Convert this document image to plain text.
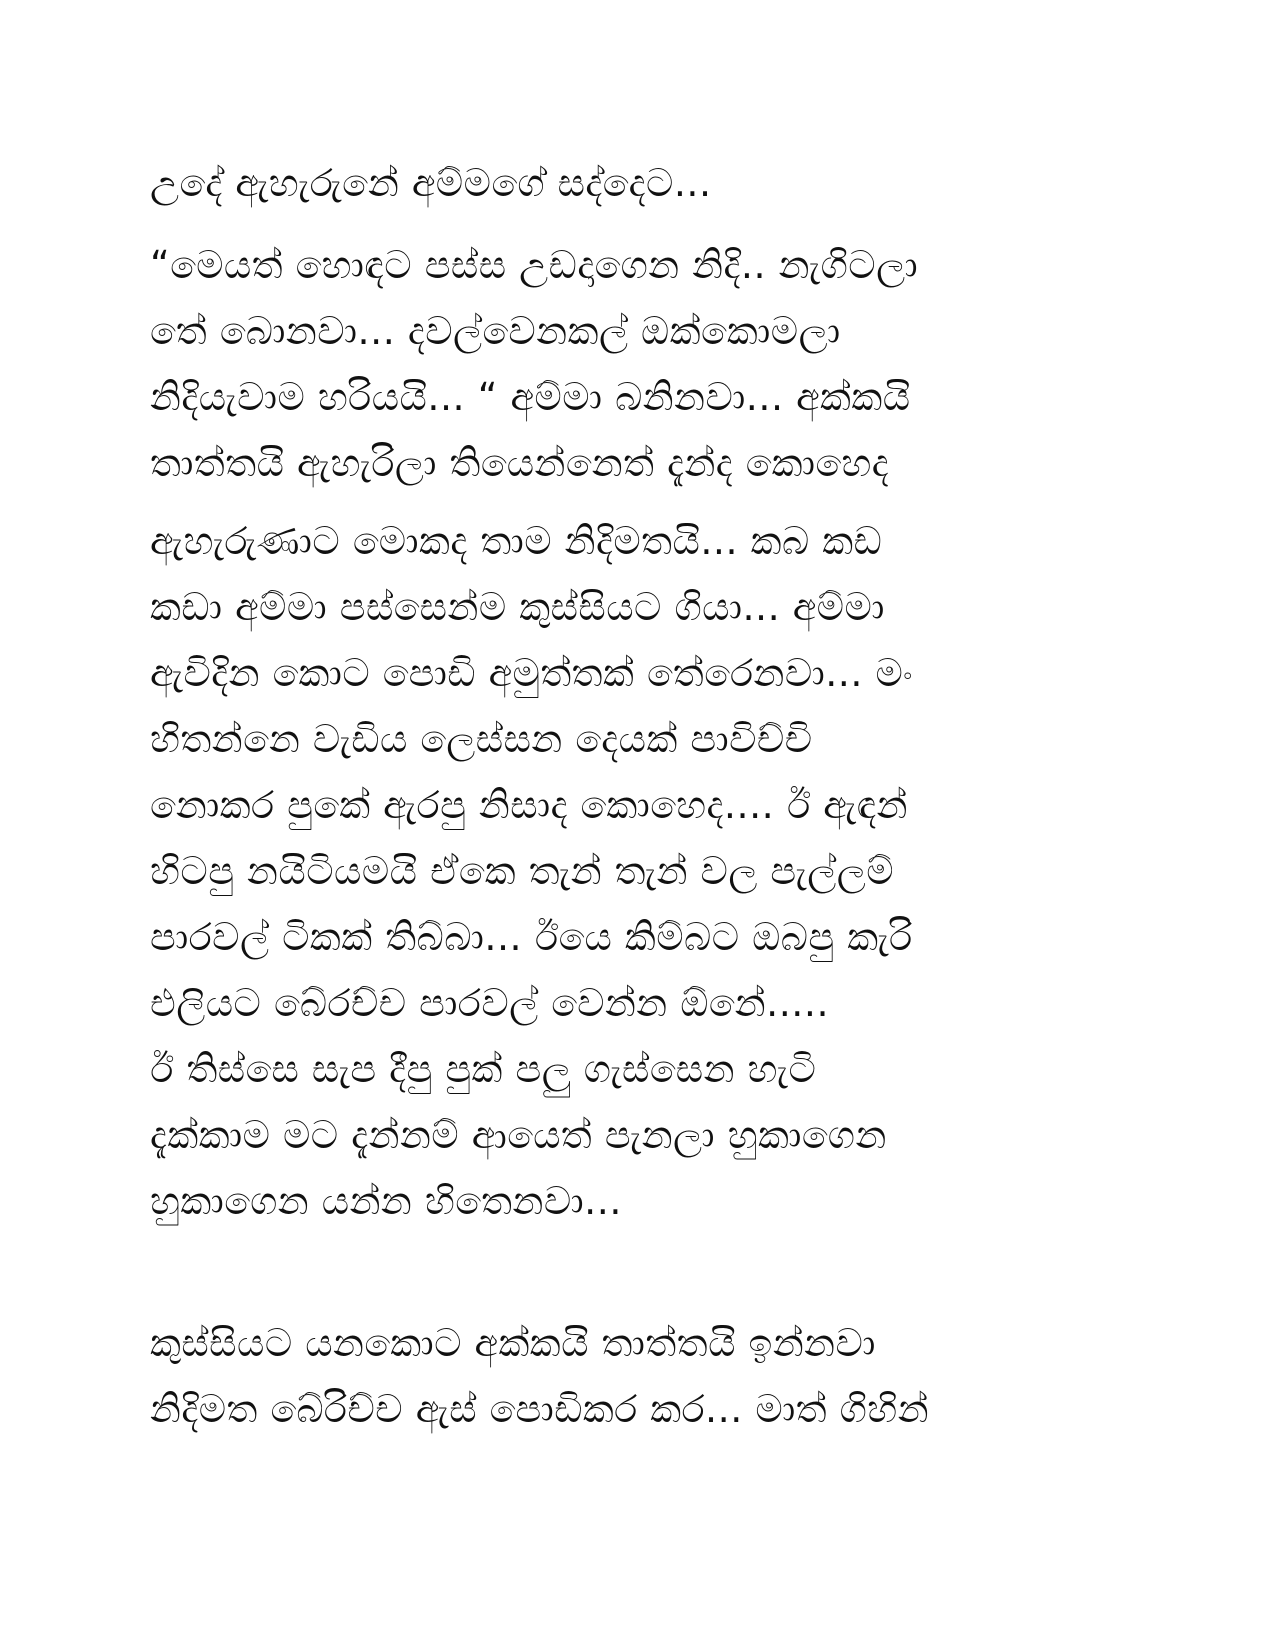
උදේ ඇහැරුනේ අම්මගේ සද්දෙට...
“මෙයත් හොඳට පස්ස උඩදාගෙන නිදි.. නැගිටලා
තේ බොනවා... දවල්වෙනකල් ඔක්කොමලා
නිදියැවාම හරියයි... “ අම්මා බනිනවා... අක්කයි
තාත්තයි ඇහැරිලා තියෙන්නෙත් දැන්ද කොහෙද
ඇහැරුණාට මොකද තාම නිදිමතයි... කබ කඩ
කඩා අම්මා පස්සෙන්ම කුස්සියට ගියා... අම්මා
ඇවිදින කොට පොඩි අමුත්තක් තේරෙනවා... මං
හිතන්නෙ වැඩිය ලෙස්සන දෙයක් පාවිච්චි
නොකර පුකේ ඇරපු නිසාද කොහෙද.... ඊ ඇඳන්
හිටපු නයිටියමයි ඒකෙ තැන් තැන් වල පැල්ලම්
පාරවල් ටිකක් තිබ්බා... ඊයෙ කිම්බට ඔබපු කැරි
එලියට බේරච්ච පාරවල් වෙන්න ඕනේ.....
ඊ තිස්සෙ සැප දීපු පුක් පලු ගැස්සෙන හැටි
දැක්කාම මට දැන්නම් ආයෙත් පැනලා හුකාගෙන
හුකාගෙන යන්න හිතෙනවා...
කුස්සියට යනකොට අක්කයි තාත්තයි ඉන්නවා
නිදිමත බේරිච්ච ඇස් පොඩිකර කර... මාත් ගිහින්
